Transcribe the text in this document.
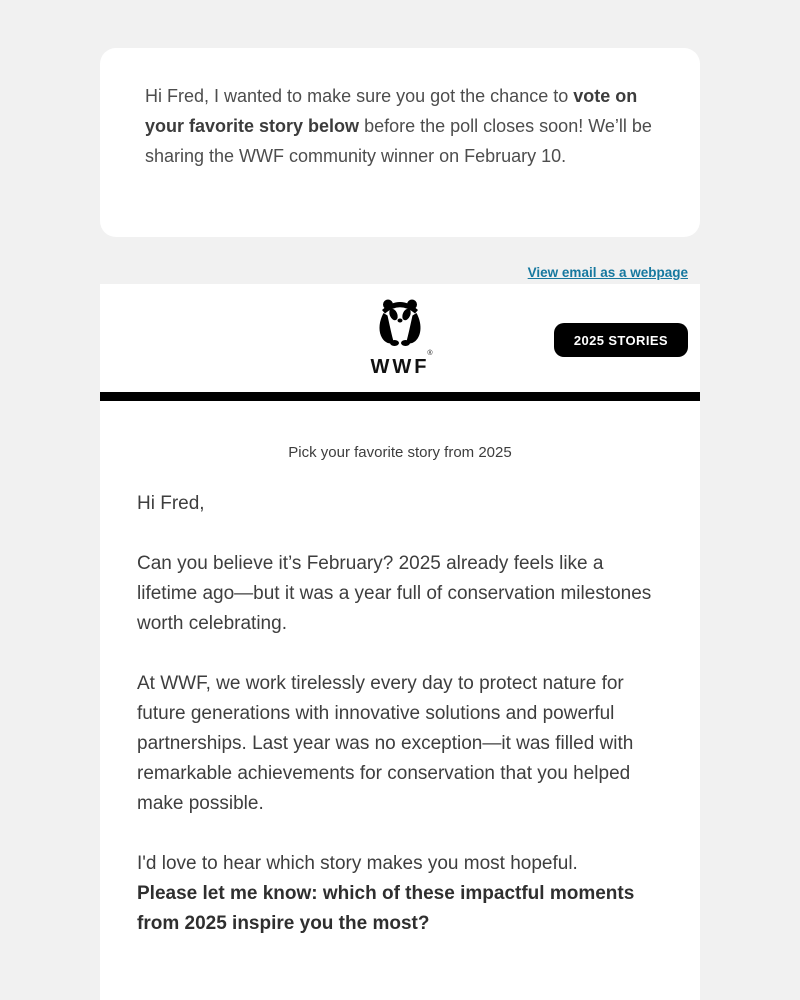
Hi Fred, I wanted to make sure you got the chance to vote on your favorite story below before the poll closes soon! We’ll be sharing the WWF community winner on February 10.

View email as a webpage
WWF
®
2025 STORIES

Pick your favorite story from 2025

Hi Fred,

Can you believe it’s February? 2025 already feels like a lifetime ago—but it was a year full of conservation milestones worth celebrating.

At WWF, we work tirelessly every day to protect nature for future generations with innovative solutions and powerful partnerships. Last year was no exception—it was filled with remarkable achievements for conservation that you helped make possible.

I'd love to hear which story makes you most hopeful.
Please let me know: which of these impactful moments from 2025 inspire you the most?
